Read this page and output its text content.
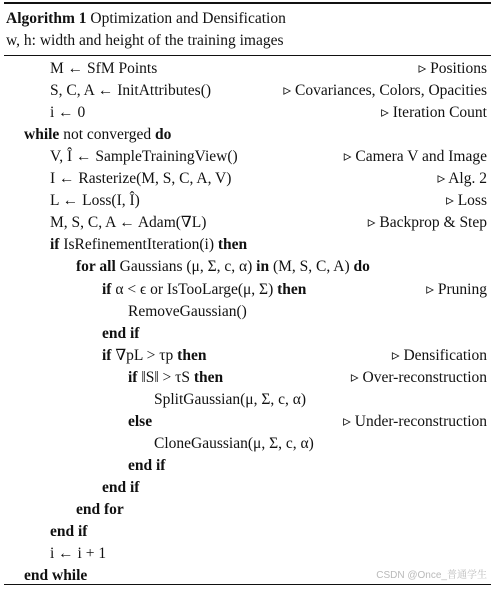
Algorithm 1 Optimization and Densification
w, h: width and height of the training images
M ← SfM Points	▹ Positions
S, C, A ← InitAttributes()	▹ Covariances, Colors, Opacities
i ← 0	▹ Iteration Count
while not converged do
V, Î ← SampleTrainingView()	▹ Camera V and Image
I ← Rasterize(M, S, C, A, V)	▹ Alg. 2
L ← Loss(I, Î)	▹ Loss
M, S, C, A ← Adam(∇L)	▹ Backprop & Step
if IsRefinementIteration(i) then
for all Gaussians (μ, Σ, c, α) in (M, S, C, A) do
if α < ϵ or IsTooLarge(μ, Σ) then	▹ Pruning
RemoveGaussian()
end if
if ∇pL > τp then	▹ Densification
if ‖S‖ > τS then	▹ Over-reconstruction
SplitGaussian(μ, Σ, c, α)
else	▹ Under-reconstruction
CloneGaussian(μ, Σ, c, α)
end if
end if
end for
end if
i ← i + 1
end while	CSDN @Once_普通学生
